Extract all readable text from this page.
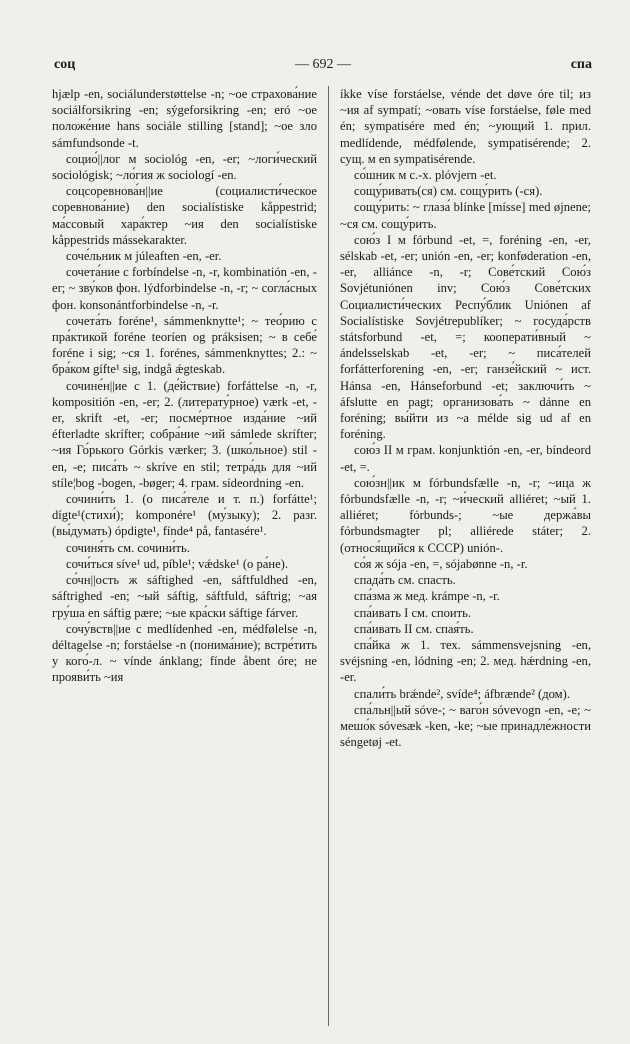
соц	— 692 —	спа

hjælp -en, sociálunderstøttelse -n; ~oe страхова́ние sociálforsikring -en; sýgeforsikring -en; eró ~oe положе́ние hans sociále stilling [stand]; ~oe зло sámfundsonde -t.

социо́||лог м sociológ -en, -er; ~логи́ческий sociológisk; ~ло́гия ж sociologí -en.

соцсоревнова́н||ие (социалисти́ческое соревнова́ние) den socialístiske kåppestrid; ма́ссовый хара́ктер ~ия den socialístiske kåppestrids mássekarakter.

соче́льник м júleaften -en, -er.

сочета́ние с forbíndelse -n, -r, kombinatión -en, -er; ~ зву́ков фон. lýdforbindelse -n, -r; ~ согла́сных фон. konsonántforbindelse -n, -r.

сочета́ть foréne¹, sámmenknytte¹; ~ тео́рию с пра́ктикой foréne teoríen og práksisen; ~ в себе́ foréne i sig; ~ся 1. forénes, sámmenknyttes; 2.: ~ бра́ком gífte¹ sig, indgå ǽgteskab.

сочине́н||ие с 1. (де́йствие) forfáttelse -n, -r, kompositión -en, -er; 2. (литерату́рное) værk -et, -er, skrift -et, -er; посме́ртное изда́ние ~ий éfterladte skrífter; собра́ние ~ий sámlede skrífter; ~ия Го́рького Górkis værker; 3. (шко́льное) stil -en, -e; писа́ть ~ skríve en stil; тетра́дь для ~ий stíle¦bog -bogen, -bøger; 4. грам. sídeordning -en.

сочини́ть 1. (о писа́теле и т. п.) forfátte¹; dígte¹(стихи́); komponére¹ (му́зыку); 2. разг. (вы́думать) ópdigte¹, fínde⁴ på, fantasére¹.

сочиня́ть см. сочини́ть.

сочи́ться síve¹ ud, píble¹; vǽdske¹ (о ра́не).

со́чн||ость ж sáftighed -en, sáftfuldhed -en, sáftrighed -en; ~ый sáftig, sáftfuld, sáftrig; ~ая гру́ша en sáftig pære; ~ые кра́ски sáftige fárver.

сочу́вств||ие с medlídenhed -en, médfølelse -n, déltagelse -n; forstáelse -n (понима́ние); встре́тить у кого́-л. ~ vínde ánklang; fínde åbent óre; не прояви́ть ~ия

íkke víse forstáelse, vénde det døve óre til; из ~ия af sympatí; ~овать víse forstáelse, føle med én; sympatisére med én; ~ующий 1. прил. medlídende, médfølende, sympatisérende; 2. сущ. м en sympatisérende.

со́шник м с.-х. plóvjern -et.

сощу́ривать(ся) см. сощу́рить (-ся).

сощу́рить: ~ глаза́ blínke [míssе] med øjnene; ~ся см. сощу́рить.

сою́з I м fórbund -et, =, foréning -en, -er, sélskab -et, -er; unión -en, -er; konføderation -en, -er, alliánce -n, -r; Сове́тский Сою́з Sovjétuniónen inv; Сою́з Сове́тских Социалисти́ческих Респу́блик Uniónen af Socialístiske Sovjétrepublíker; ~ госуда́рств státsforbund -et, =; кооперати́вный ~ ándelsselskab -et, -er; ~ писа́телей forfátterforening -en, -er; ганзе́йский ~ ист. Hánsa -en, Hánseforbund -et; заключи́ть ~ áfslutte en pagt; организова́ть ~ dánne en foréning; вы́йти из ~а mélde sig ud af en foréning.

сою́з II м грам. konjunktión -en, -er, bíndeord -et, =.

сою́зн||ик м fórbundsfælle -n, -r; ~ица ж fórbundsfælle -n, -r; ~и́ческий alliéret; ~ый 1. alliéret; fórbunds-; ~ые держа́вы fórbundsmagter pl; alliérede státer; 2. (относя́щийся к СССР) unión-.

со́я ж sója -en, =, sójabønne -n, -r.

спада́ть см. спасть.

спа́зма ж мед. krámpe -n, -r.

спа́ивать I см. споить.

спа́ивать II см. спая́ть.

спа́йка ж 1. тех. sámmensvejsning -en, svéjsning -en, lódning -en; 2. мед. hǽrdning -en, -er.

спали́ть brǽnde², svíde⁴; áfbrænde² (дом).

спа́льн||ый sóve-; ~ ваго́н sóvevogn -en, -e; ~ мешо́к sóvesæk -ken, -ke; ~ые принадле́жности séngetøj -et.
